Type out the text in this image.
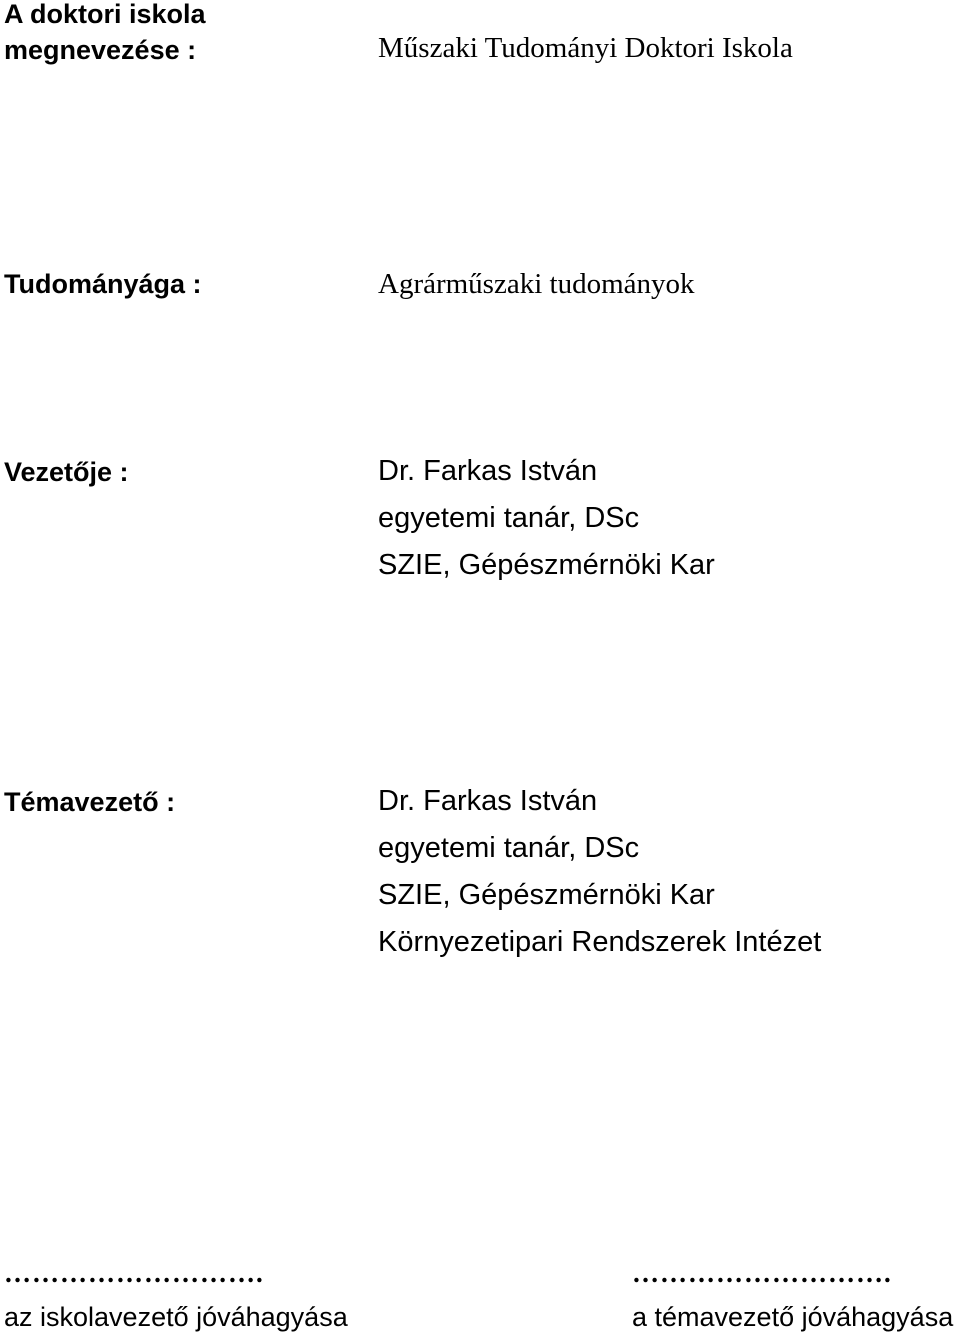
A doktori iskola
megnevezése :	Műszaki Tudományi Doktori Iskola
Tudományága :	Agrárműszaki tudományok
Vezetője :	Dr. Farkas István
egyetemi tanár, DSc
SZIE, Gépészmérnöki Kar
Témavezető :	Dr. Farkas István
egyetemi tanár, DSc
SZIE, Gépészmérnöki Kar
Környezetipari Rendszerek Intézet
……………………….
az iskolavezető jóváhagyása
……………………….
a témavezető jóváhagyása
